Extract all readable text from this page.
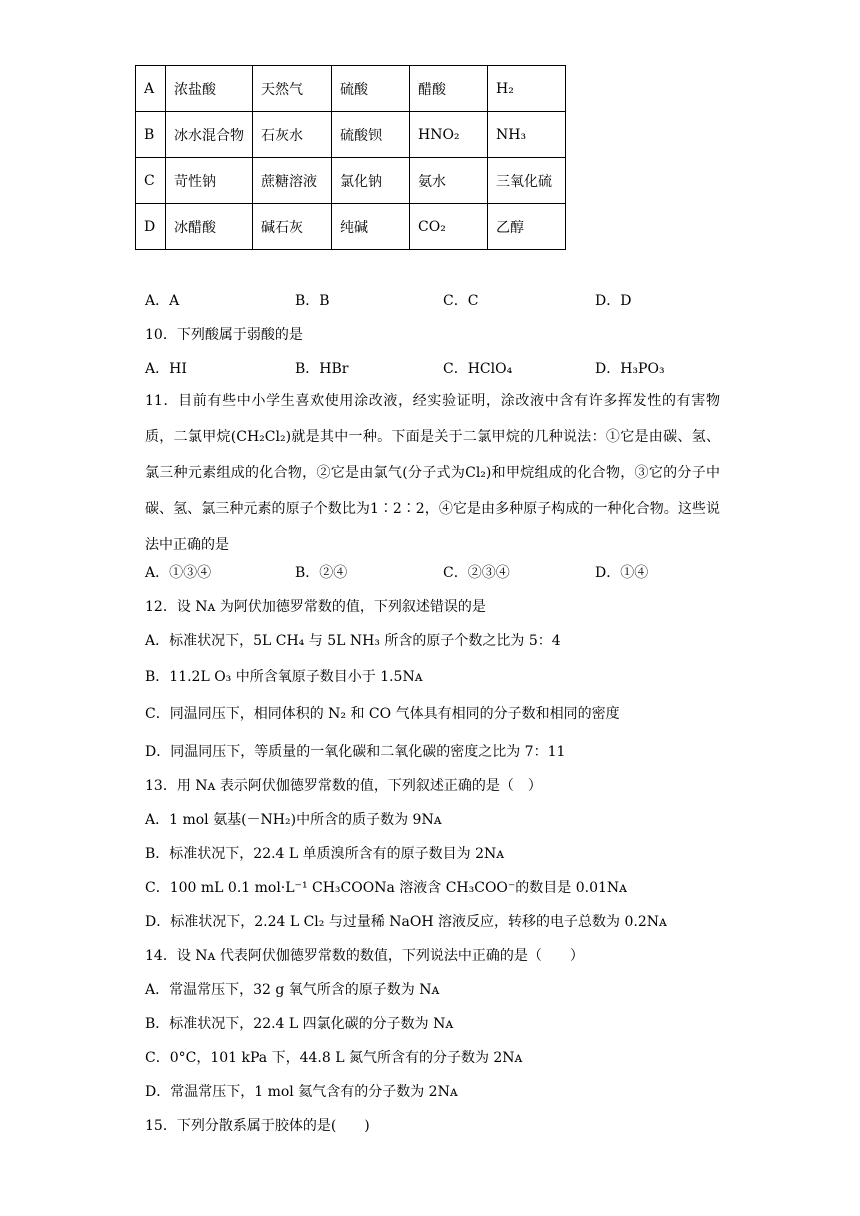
A	浓盐酸	天然气	硫酸	醋酸	H₂
B	冰水混合物	石灰水	硫酸钡	HNO₂	NH₃
C	苛性钠	蔗糖溶液	氯化钠	氨水	三氧化硫
D	冰醋酸	碱石灰	纯碱	CO₂	乙醇
A．A	B．B	C．C	D．D
10．下列酸属于弱酸的是
A．HI	B．HBr	C．HClO₄	D．H₃PO₃
11．目前有些中小学生喜欢使用涂改液，经实验证明，涂改液中含有许多挥发性的有害物质，二氯甲烷(CH₂Cl₂)就是其中一种。下面是关于二氯甲烷的几种说法：①它是由碳、氢、氯三种元素组成的化合物，②它是由氯气(分子式为Cl₂)和甲烷组成的化合物，③它的分子中碳、氢、氯三种元素的原子个数比为1∶2∶2，④它是由多种原子构成的一种化合物。这些说法中正确的是
A．①③④	B．②④	C．②③④	D．①④
12．设 Nᴀ 为阿伏加德罗常数的值，下列叙述错误的是
A．标准状况下，5L CH₄ 与 5L NH₃ 所含的原子个数之比为 5：4
B．11.2L O₃ 中所含氧原子数目小于 1.5Nᴀ
C．同温同压下，相同体积的 N₂ 和 CO 气体具有相同的分子数和相同的密度
D．同温同压下，等质量的一氧化碳和二氧化碳的密度之比为 7：11
13．用 Nᴀ 表示阿伏伽德罗常数的值，下列叙述正确的是（　）
A．1 mol 氨基(－NH₂)中所含的质子数为 9Nᴀ
B．标准状况下，22.4 L 单质溴所含有的原子数目为 2Nᴀ
C．100 mL 0.1 mol·L⁻¹ CH₃COONa 溶液含 CH₃COO⁻的数目是 0.01Nᴀ
D．标准状况下，2.24 L Cl₂ 与过量稀 NaOH 溶液反应，转移的电子总数为 0.2Nᴀ
14．设 Nᴀ 代表阿伏伽德罗常数的数值，下列说法中正确的是（　　）
A．常温常压下，32 g 氧气所含的原子数为 Nᴀ
B．标准状况下，22.4 L 四氯化碳的分子数为 Nᴀ
C．0°C，101 kPa 下，44.8 L 氮气所含有的分子数为 2Nᴀ
D．常温常压下，1 mol 氦气含有的分子数为 2Nᴀ
15．下列分散系属于胶体的是(　　)
